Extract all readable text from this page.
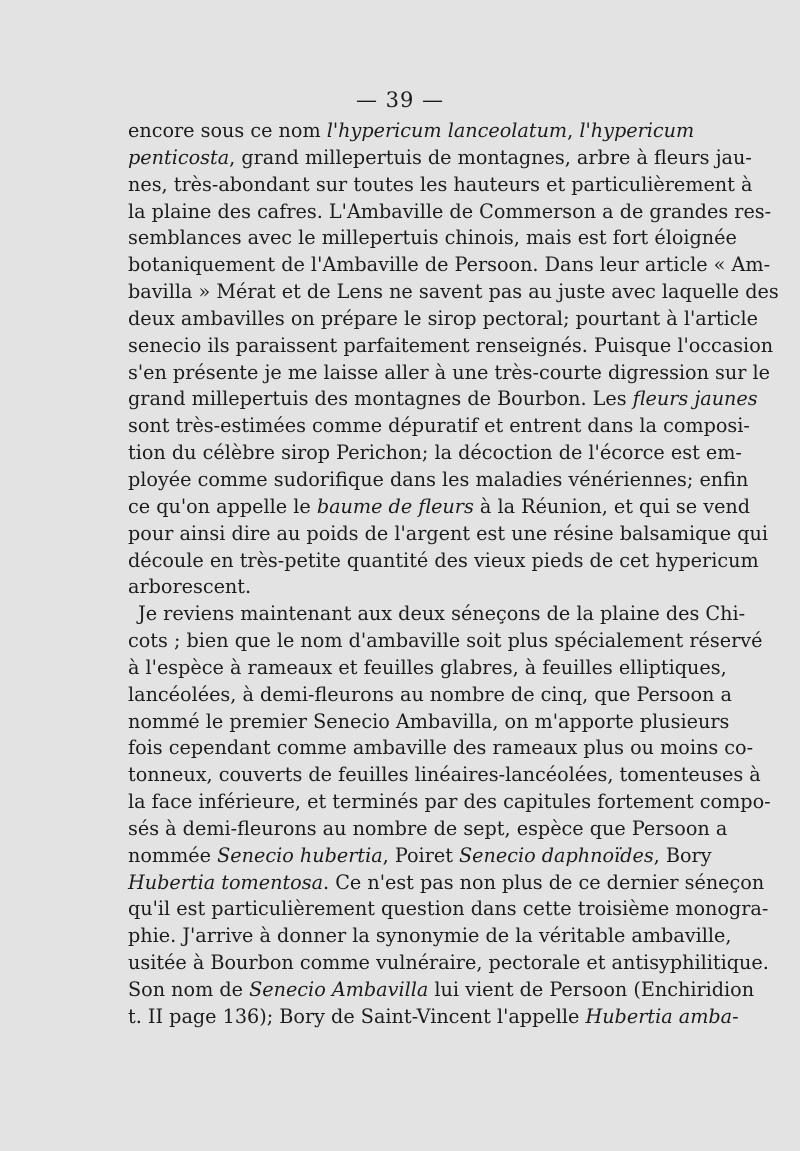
— 39 —
encore sous ce nom l'hypericum lanceolatum, l'hypericum
penticosta, grand millepertuis de montagnes, arbre à fleurs jau-
nes, très-abondant sur toutes les hauteurs et particulièrement à
la plaine des cafres. L'Ambaville de Commerson a de grandes res-
semblances avec le millepertuis chinois, mais est fort éloignée
botaniquement de l'Ambaville de Persoon. Dans leur article « Am-
bavilla » Mérat et de Lens ne savent pas au juste avec laquelle des
deux ambavilles on prépare le sirop pectoral; pourtant à l'article
senecio ils paraissent parfaitement renseignés. Puisque l'occasion
s'en présente je me laisse aller à une très-courte digression sur le
grand millepertuis des montagnes de Bourbon. Les fleurs jaunes
sont très-estimées comme dépuratif et entrent dans la composi-
tion du célèbre sirop Perichon; la décoction de l'écorce est em-
ployée comme sudorifique dans les maladies vénériennes; enfin
ce qu'on appelle le baume de fleurs à la Réunion, et qui se vend
pour ainsi dire au poids de l'argent est une résine balsamique qui
découle en très-petite quantité des vieux pieds de cet hypericum
arborescent.
Je reviens maintenant aux deux séneçons de la plaine des Chi-
cots ; bien que le nom d'ambaville soit plus spécialement réservé
à l'espèce à rameaux et feuilles glabres, à feuilles elliptiques,
lancéolées, à demi-fleurons au nombre de cinq, que Persoon a
nommé le premier Senecio Ambavilla, on m'apporte plusieurs
fois cependant comme ambaville des rameaux plus ou moins co-
tonneux, couverts de feuilles linéaires-lancéolées, tomenteuses à
la face inférieure, et terminés par des capitules fortement compo-
sés à demi-fleurons au nombre de sept, espèce que Persoon a
nommée Senecio hubertia, Poiret Senecio daphnoïdes, Bory
Hubertia tomentosa. Ce n'est pas non plus de ce dernier séneçon
qu'il est particulièrement question dans cette troisième monogra-
phie. J'arrive à donner la synonymie de la véritable ambaville,
usitée à Bourbon comme vulnéraire, pectorale et antisyphilitique.
Son nom de Senecio Ambavilla lui vient de Persoon (Enchiridion
t. II page 136); Bory de Saint-Vincent l'appelle Hubertia amba-
